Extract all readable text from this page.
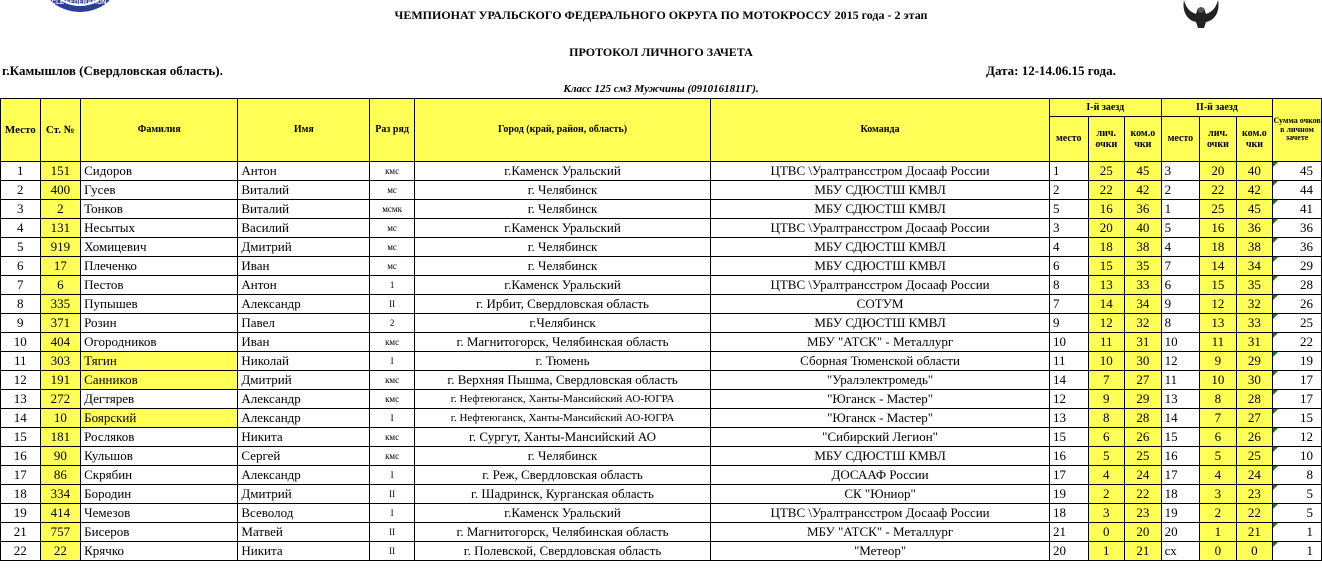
CYCLE FEDERATION OF
ЧЕМПИОНАТ УРАЛЬСКОГО ФЕДЕРАЛЬНОГО ОКРУГА ПО МОТОКРОССУ 2015 года - 2 этап
ПРОТОКОЛ ЛИЧНОГО ЗАЧЕТА
г.Камышлов (Свердловская область).	Дата: 12-14.06.15 года.
Класс 125 см3 Мужчины (0910161811Г).
Место	Ст. №	Фамилия	Имя	Раз ряд	Город (край, район, область)	Команда	I-й заезд			II-й заезд			Сумма очков в личном зачете
							место	лич. очки	ком.о чки	место	лич. очки	ком.о чки	
1	151	Сидоров	Антон	кмс	г.Каменск Уральский	ЦТВС \Уралтрансстром Досааф России	1	25	45	3	20	40	45
2	400	Гусев	Виталий	мс	г. Челябинск	МБУ СДЮСТШ КМВЛ	2	22	42	2	22	42	44
3	2	Тонков	Виталий	мсмк	г. Челябинск	МБУ СДЮСТШ КМВЛ	5	16	36	1	25	45	41
4	131	Несытых	Василий	мс	г.Каменск Уральский	ЦТВС \Уралтрансстром Досааф России	3	20	40	5	16	36	36
5	919	Хомицевич	Дмитрий	мс	г. Челябинск	МБУ СДЮСТШ КМВЛ	4	18	38	4	18	38	36
6	17	Плеченко	Иван	мс	г. Челябинск	МБУ СДЮСТШ КМВЛ	6	15	35	7	14	34	29
7	6	Пестов	Антон	1	г.Каменск Уральский	ЦТВС \Уралтрансстром Досааф России	8	13	33	6	15	35	28
8	335	Пупышев	Александр	II	г. Ирбит, Свердловская область	СОТУМ	7	14	34	9	12	32	26
9	371	Розин	Павел	2	г.Челябинск	МБУ СДЮСТШ КМВЛ	9	12	32	8	13	33	25
10	404	Огородников	Иван	кмс	г. Магнитогорск, Челябинская область	МБУ "АТСК" - Металлург	10	11	31	10	11	31	22
11	303	Тягин	Николай	I	г. Тюмень	Сборная Тюменской области	11	10	30	12	9	29	19
12	191	Санников	Дмитрий	кмс	г. Верхняя Пышма, Свердловская область	"Уралэлектромедь"	14	7	27	11	10	30	17
13	272	Дегтярев	Александр	кмс	г. Нефтеюганск, Ханты-Мансийский АО-ЮГРА	"Юганск - Мастер"	12	9	29	13	8	28	17
14	10	Боярский	Александр	I	г. Нефтеюганск, Ханты-Мансийский АО-ЮГРА	"Юганск - Мастер"	13	8	28	14	7	27	15
15	181	Росляков	Никита	кмс	г. Сургут, Ханты-Мансийский АО	"Сибирский Легион"	15	6	26	15	6	26	12
16	90	Кульшов	Сергей	кмс	г. Челябинск	МБУ СДЮСТШ КМВЛ	16	5	25	16	5	25	10
17	86	Скрябин	Александр	I	г. Реж, Свердловская область	ДОСААФ России	17	4	24	17	4	24	8
18	334	Бородин	Дмитрий	II	г. Шадринск, Курганская область	СК "Юниор"	19	2	22	18	3	23	5
19	414	Чемезов	Всеволод	I	г.Каменск Уральский	ЦТВС \Уралтрансстром Досааф России	18	3	23	19	2	22	5
21	757	Бисеров	Матвей	II	г. Магнитогорск, Челябинская область	МБУ "АТСК" - Металлург	21	0	20	20	1	21	1
22	22	Крячко	Никита	II	г. Полевской, Свердловская область	"Метеор"	20	1	21	сх	0	0	1
